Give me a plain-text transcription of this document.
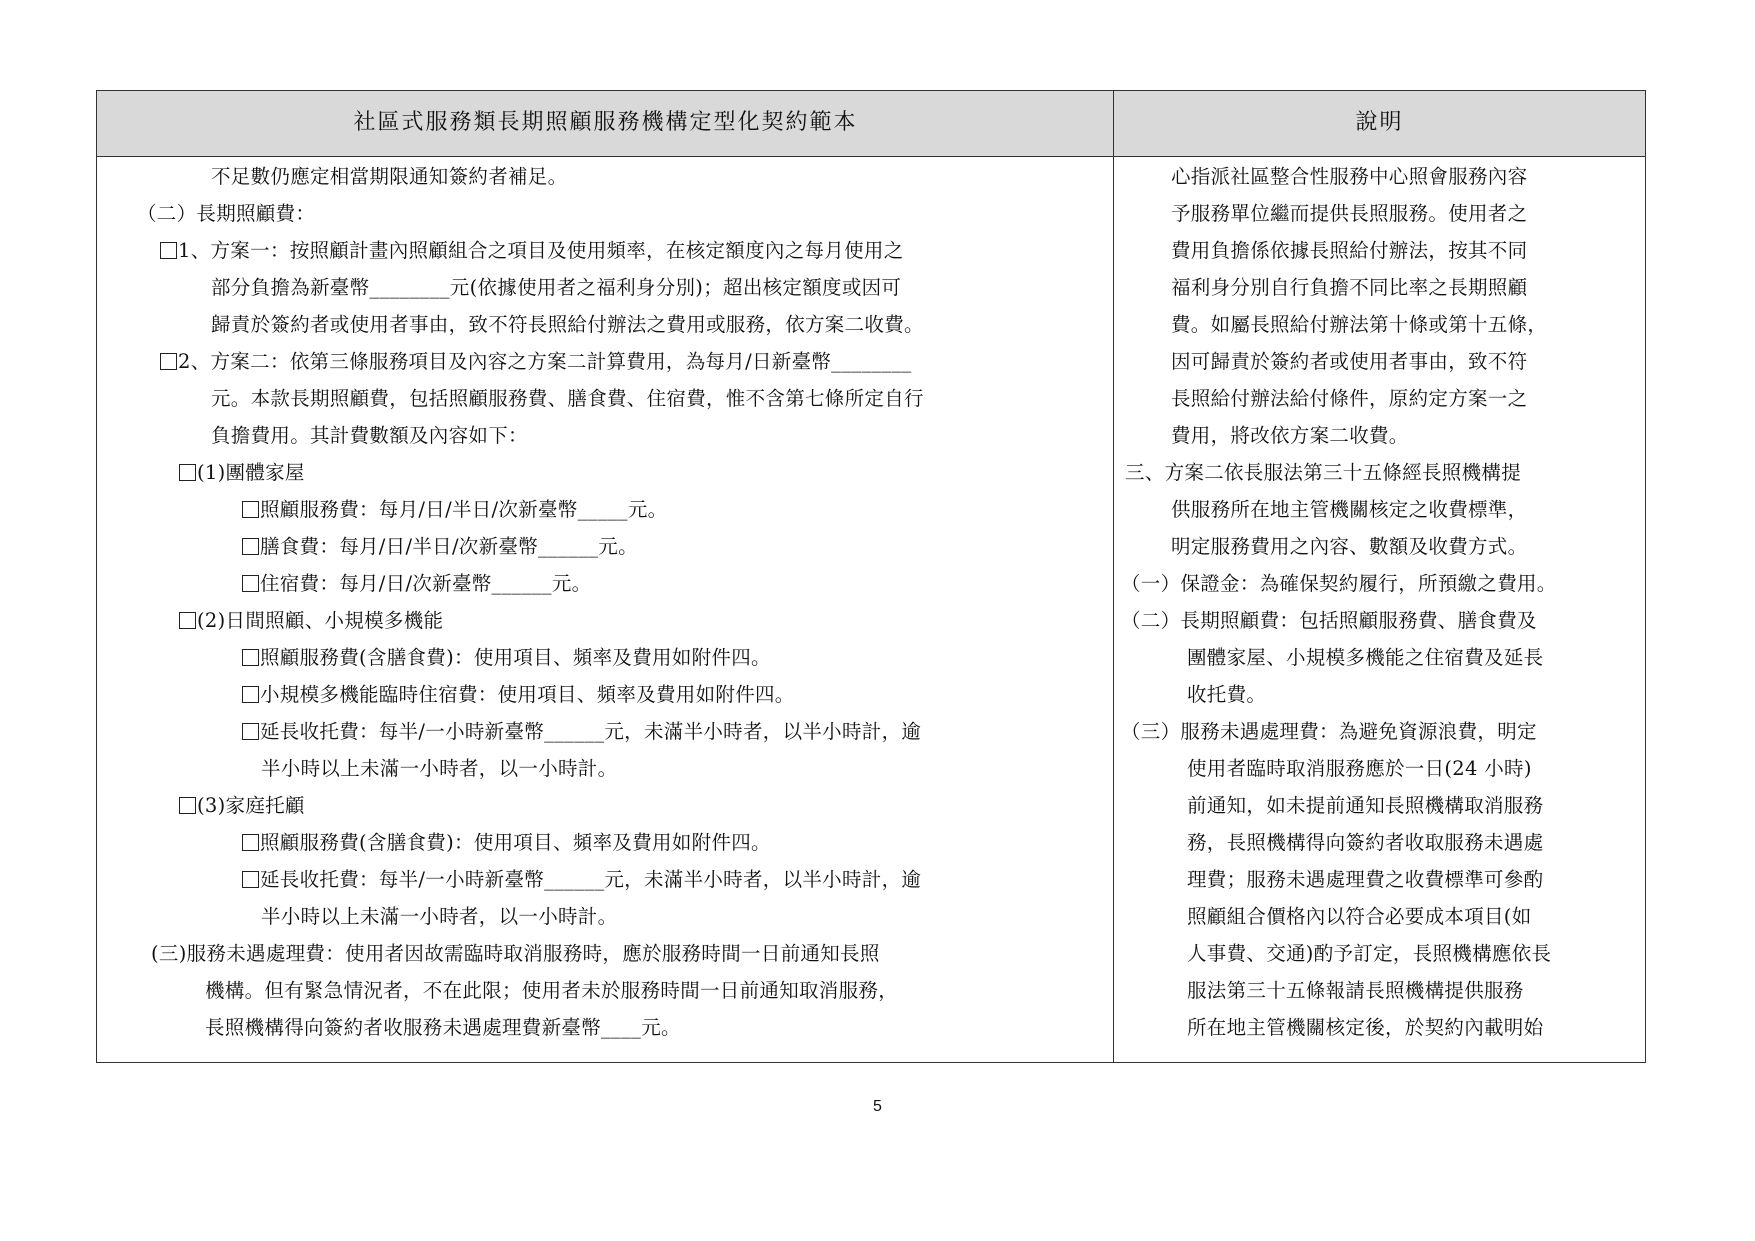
社區式服務類長期照顧服務機構定型化契約範本	說明
不足數仍應定相當期限通知簽約者補足。
（二）長期照顧費：
1、方案一：按照顧計畫內照顧組合之項目及使用頻率，在核定額度內之每月使用之
部分負擔為新臺幣________元(依據使用者之福利身分別)；超出核定額度或因可
歸責於簽約者或使用者事由，致不符長照給付辦法之費用或服務，依方案二收費。
2、方案二：依第三條服務項目及內容之方案二計算費用，為每月/日新臺幣________
元。本款長期照顧費，包括照顧服務費、膳食費、住宿費，惟不含第七條所定自行
負擔費用。其計費數額及內容如下：
(1)團體家屋
照顧服務費：每月/日/半日/次新臺幣_____元。
膳食費：每月/日/半日/次新臺幣______元。
住宿費：每月/日/次新臺幣______元。
(2)日間照顧、小規模多機能
照顧服務費(含膳食費)：使用項目、頻率及費用如附件四。
小規模多機能臨時住宿費：使用項目、頻率及費用如附件四。
延長收托費：每半/一小時新臺幣______元，未滿半小時者，以半小時計，逾
半小時以上未滿一小時者，以一小時計。
(3)家庭托顧
照顧服務費(含膳食費)：使用項目、頻率及費用如附件四。
延長收托費：每半/一小時新臺幣______元，未滿半小時者，以半小時計，逾
半小時以上未滿一小時者，以一小時計。
(三)服務未遇處理費：使用者因故需臨時取消服務時，應於服務時間一日前通知長照
機構。但有緊急情況者，不在此限；使用者未於服務時間一日前通知取消服務，
長照機構得向簽約者收服務未遇處理費新臺幣____元。
心指派社區整合性服務中心照會服務內容
予服務單位繼而提供長照服務。使用者之
費用負擔係依據長照給付辦法，按其不同
福利身分別自行負擔不同比率之長期照顧
費。如屬長照給付辦法第十條或第十五條，
因可歸責於簽約者或使用者事由，致不符
長照給付辦法給付條件，原約定方案一之
費用，將改依方案二收費。
三、方案二依長服法第三十五條經長照機構提
供服務所在地主管機關核定之收費標準，
明定服務費用之內容、數額及收費方式。
（一）保證金：為確保契約履行，所預繳之費用。
（二）長期照顧費：包括照顧服務費、膳食費及
團體家屋、小規模多機能之住宿費及延長
收托費。
（三）服務未遇處理費：為避免資源浪費，明定
使用者臨時取消服務應於一日(24 小時)
前通知，如未提前通知長照機構取消服務
務，長照機構得向簽約者收取服務未遇處
理費；服務未遇處理費之收費標準可參酌
照顧組合價格內以符合必要成本項目(如
人事費、交通)酌予訂定，長照機構應依長
服法第三十五條報請長照機構提供服務
所在地主管機關核定後，於契約內載明始
5
